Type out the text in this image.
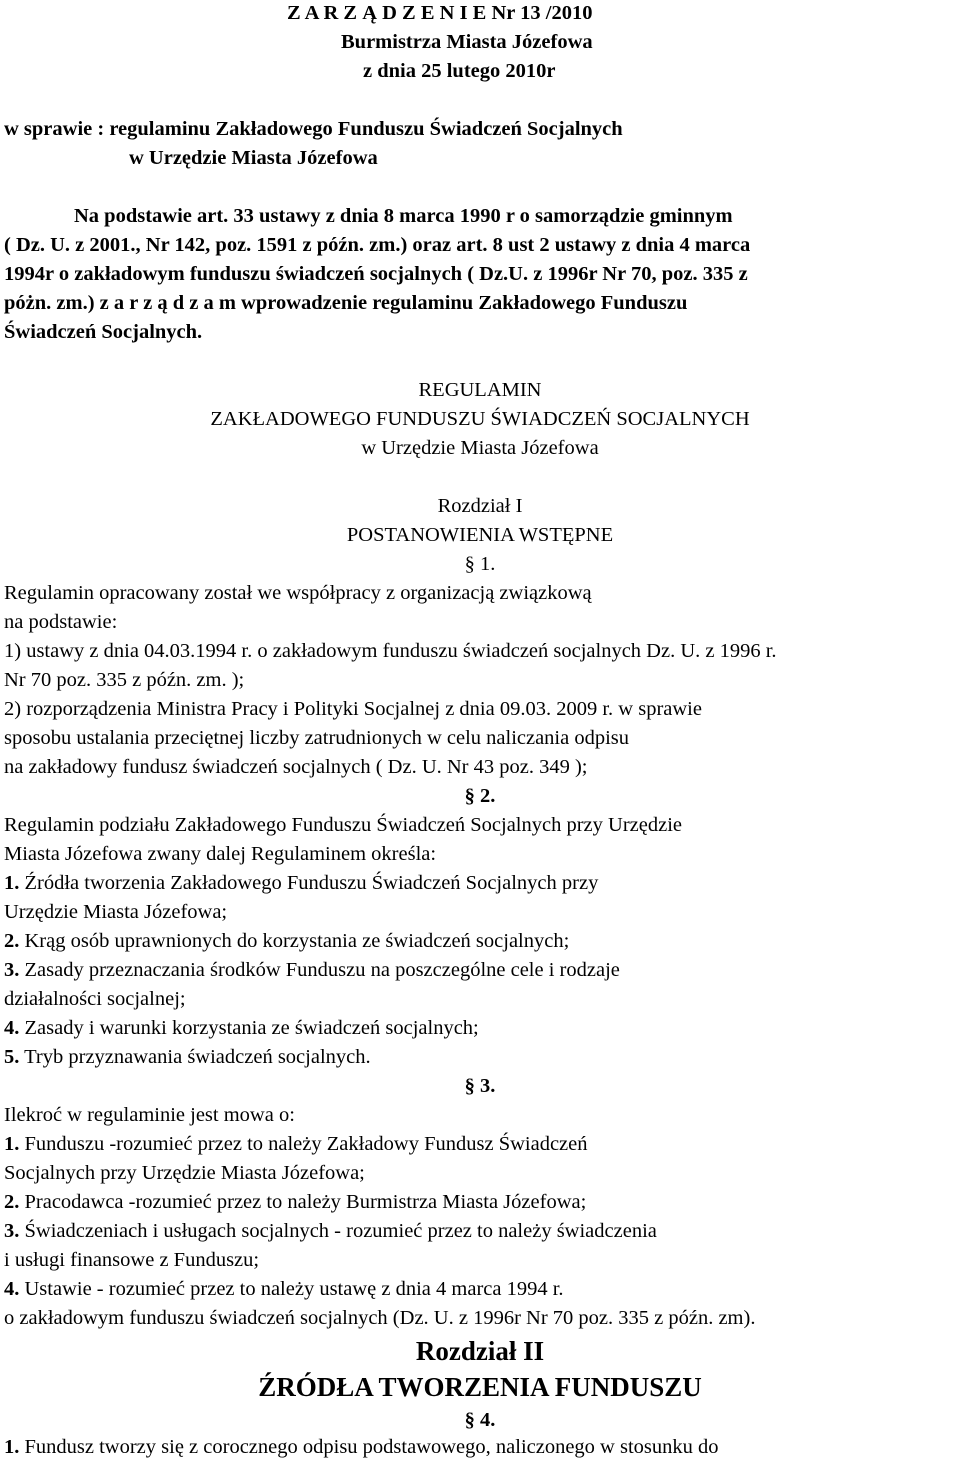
Z A R Z Ą D Z E N I E Nr 13 /2010
Burmistrza Miasta Józefowa
z dnia 25 lutego 2010r
w sprawie : regulaminu Zakładowego Funduszu Świadczeń Socjalnych
w Urzędzie Miasta Józefowa
Na podstawie art. 33 ustawy z dnia 8 marca 1990 r o samorządzie gminnym
( Dz. U. z 2001., Nr 142, poz. 1591 z późn. zm.) oraz art. 8 ust 2 ustawy z dnia 4 marca
1994r o zakładowym funduszu świadczeń socjalnych ( Dz.U. z 1996r Nr 70, poz. 335 z
póżn. zm.) z a r z ą d z a m wprowadzenie regulaminu Zakładowego Funduszu
Świadczeń Socjalnych.
REGULAMIN
ZAKŁADOWEGO FUNDUSZU ŚWIADCZEŃ SOCJALNYCH
w Urzędzie Miasta Józefowa
Rozdział I
POSTANOWIENIA WSTĘPNE
§ 1.
Regulamin opracowany został we współpracy z organizacją związkową
na podstawie:
1) ustawy z dnia 04.03.1994 r. o zakładowym funduszu świadczeń socjalnych Dz. U. z 1996 r.
Nr 70 poz. 335 z późn. zm. );
2) rozporządzenia Ministra Pracy i Polityki Socjalnej z dnia 09.03. 2009 r. w sprawie
sposobu ustalania przeciętnej liczby zatrudnionych w celu naliczania odpisu
na zakładowy fundusz świadczeń socjalnych ( Dz. U. Nr 43 poz. 349 );
§ 2.
Regulamin podziału Zakładowego Funduszu Świadczeń Socjalnych przy Urzędzie
Miasta Józefowa zwany dalej Regulaminem określa:
1. Źródła tworzenia Zakładowego Funduszu Świadczeń Socjalnych przy
Urzędzie Miasta Józefowa;
2. Krąg osób uprawnionych do korzystania ze świadczeń socjalnych;
3. Zasady przeznaczania środków Funduszu na poszczególne cele i rodzaje
działalności socjalnej;
4. Zasady i warunki korzystania ze świadczeń socjalnych;
5. Tryb przyznawania świadczeń socjalnych.
§ 3.
Ilekroć w regulaminie jest mowa o:
1. Funduszu -rozumieć przez to należy Zakładowy Fundusz Świadczeń
Socjalnych przy Urzędzie Miasta Józefowa;
2. Pracodawca -rozumieć przez to należy Burmistrza Miasta Józefowa;
3. Świadczeniach i usługach socjalnych - rozumieć przez to należy świadczenia
i usługi finansowe z Funduszu;
4. Ustawie - rozumieć przez to należy ustawę z dnia 4 marca 1994 r.
o zakładowym funduszu świadczeń socjalnych (Dz. U. z 1996r Nr 70 poz. 335 z późn. zm).
Rozdział II
ŹRÓDŁA TWORZENIA FUNDUSZU
§ 4.
1. Fundusz tworzy się z corocznego odpisu podstawowego, naliczonego w stosunku do
